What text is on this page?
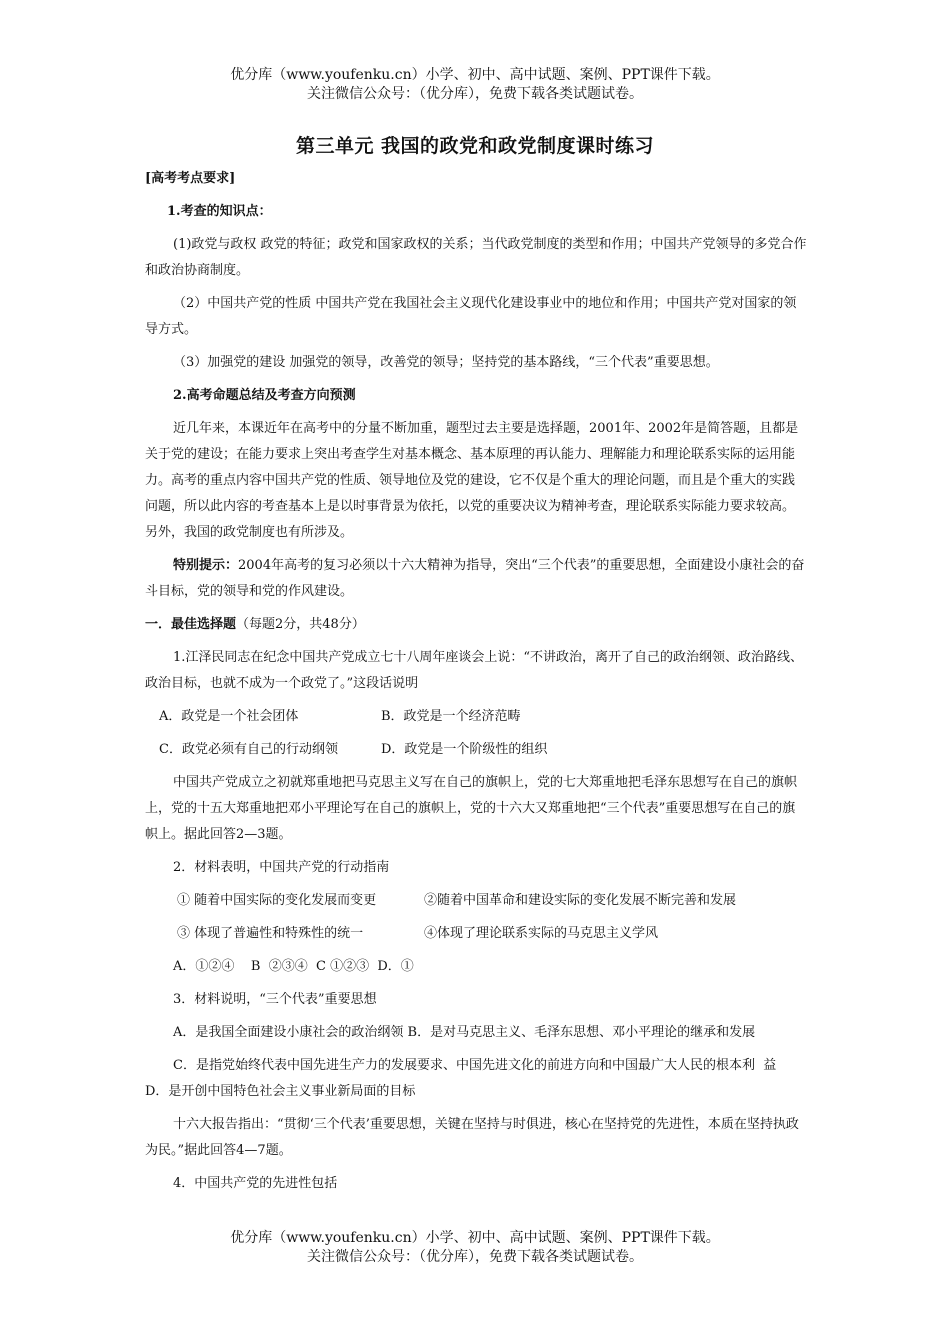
优分库（www.youfenku.cn）小学、初中、高中试题、案例、PPT课件下载。
关注微信公众号：（优分库），免费下载各类试题试卷。
第三单元 我国的政党和政党制度课时练习

[高考考点要求]

1.考查的知识点：

(1)政党与政权 政党的特征；政党和国家政权的关系；当代政党制度的类型和作用；中国共产党领导的多党合作和政治协商制度。

（2）中国共产党的性质 中国共产党在我国社会主义现代化建设事业中的地位和作用；中国共产党对国家的领导方式。

（3）加强党的建设 加强党的领导，改善党的领导；坚持党的基本路线，“三个代表”重要思想。

2.高考命题总结及考查方向预测

近几年来，本课近年在高考中的分量不断加重，题型过去主要是选择题，2001年、2002年是简答题，且都是关于党的建设；在能力要求上突出考查学生对基本概念、基本原理的再认能力、理解能力和理论联系实际的运用能力。高考的重点内容中国共产党的性质、领导地位及党的建设，它不仅是个重大的理论问题，而且是个重大的实践问题，所以此内容的考查基本上是以时事背景为依托，以党的重要决议为精神考查，理论联系实际能力要求较高。另外，我国的政党制度也有所涉及。

特别提示：2004年高考的复习必须以十六大精神为指导，突出“三个代表”的重要思想，全面建设小康社会的奋斗目标，党的领导和党的作风建设。

一．最佳选择题（每题2分，共48分）

1.江泽民同志在纪念中国共产党成立七十八周年座谈会上说：“不讲政治，离开了自己的政治纲领、政治路线、政治目标，也就不成为一个政党了。”这段话说明

A．政党是一个社会团体	B．政党是一个经济范畴
C．政党必须有自己的行动纲领	D．政党是一个阶级性的组织

中国共产党成立之初就郑重地把马克思主义写在自己的旗帜上，党的七大郑重地把毛泽东思想写在自己的旗帜上，党的十五大郑重地把邓小平理论写在自己的旗帜上，党的十六大又郑重地把“三个代表”重要思想写在自己的旗帜上。据此回答2—3题。

2．材料表明，中国共产党的行动指南

① 随着中国实际的变化发展而变更	②随着中国革命和建设实际的变化发展不断完善和发展
③ 体现了普遍性和特殊性的统一	④体现了理论联系实际的马克思主义学风

A．①②④    B  ②③④  C ①②③  D．①

3．材料说明，“三个代表”重要思想

A．是我国全面建设小康社会的政治纲领 B．是对马克思主义、毛泽东思想、邓小平理论的继承和发展

C．是指党始终代表中国先进生产力的发展要求、中国先进文化的前进方向和中国最广大人民的根本利  益       D．是开创中国特色社会主义事业新局面的目标

十六大报告指出：“贯彻‘三个代表’重要思想，关键在坚持与时俱进，核心在坚持党的先进性，本质在坚持执政为民。”据此回答4—7题。

4．中国共产党的先进性包括

优分库（www.youfenku.cn）小学、初中、高中试题、案例、PPT课件下载。
关注微信公众号：（优分库），免费下载各类试题试卷。
